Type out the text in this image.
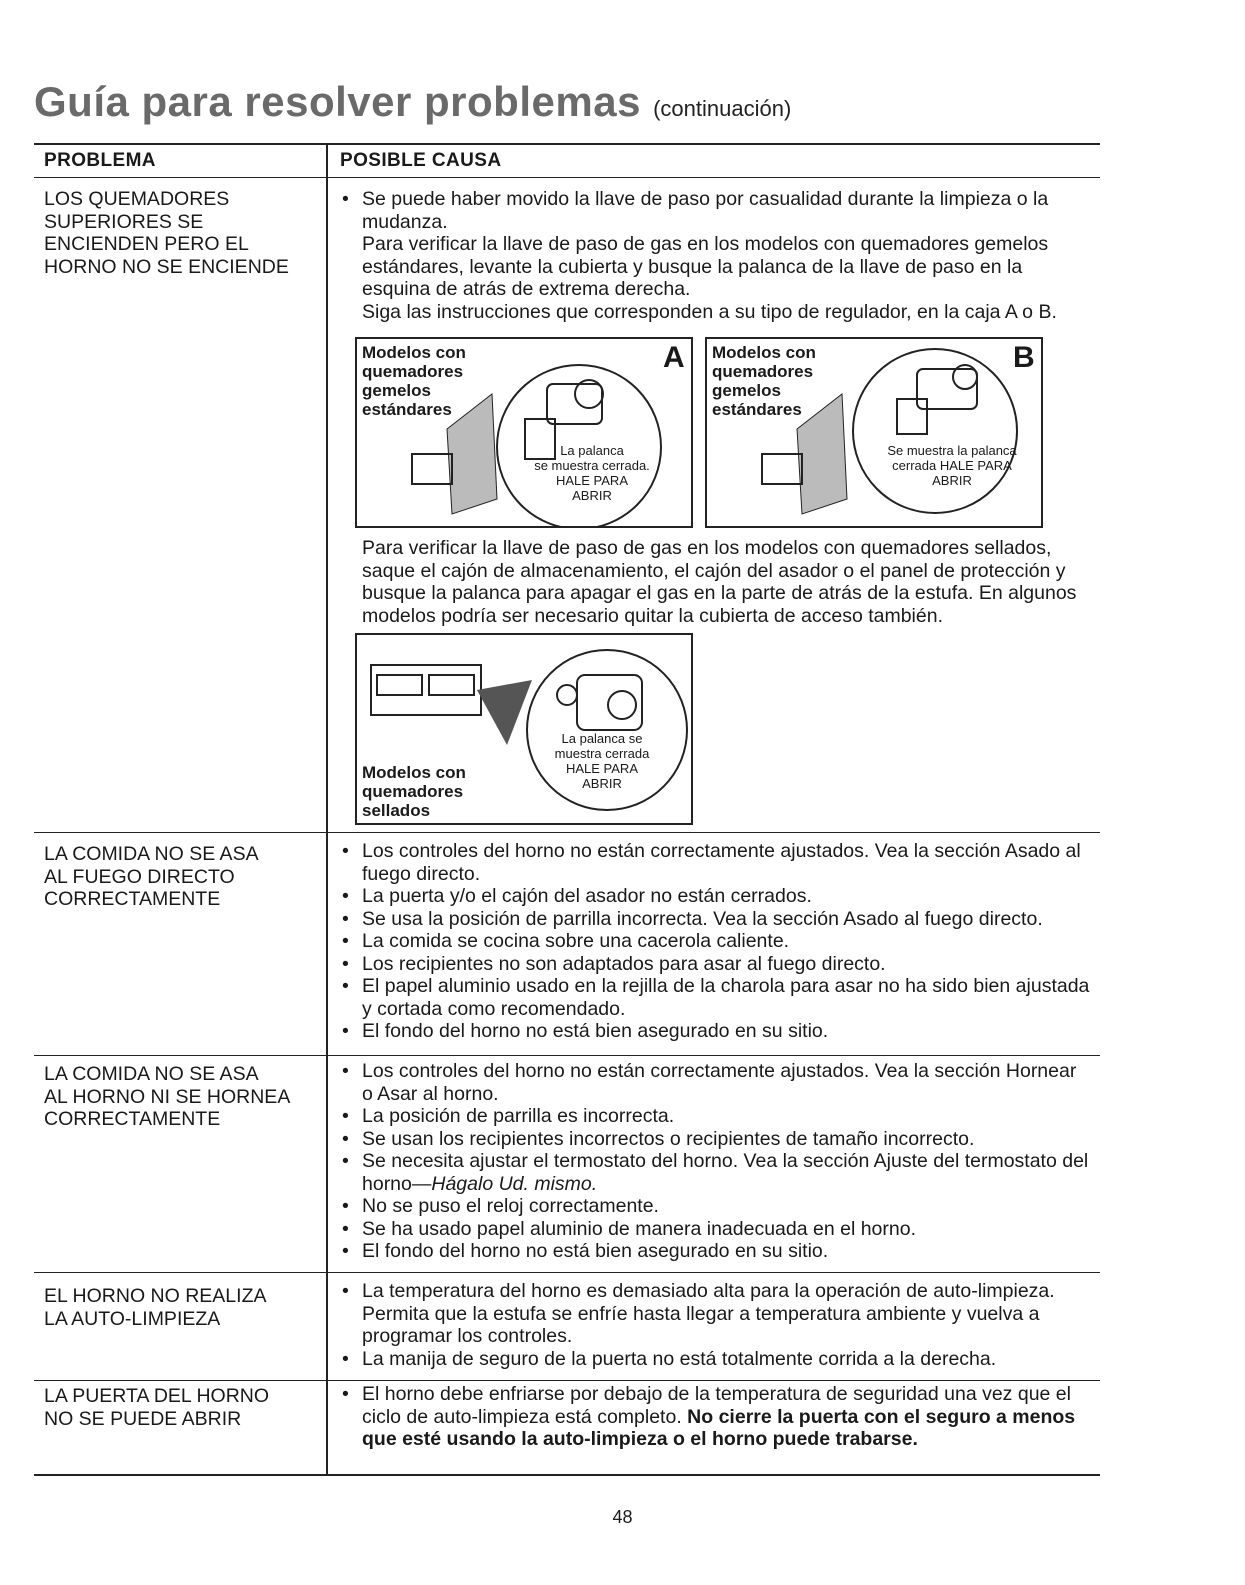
Guía para resolver problemas (continuación)
PROBLEMA	POSIBLE CAUSA
LOS QUEMADORES
SUPERIORES SE
ENCIENDEN PERO EL
HORNO NO SE ENCIENDE

• Se puede haber movido la llave de paso por casualidad durante la limpieza o la mudanza.

Para verificar la llave de paso de gas en los modelos con quemadores gemelos estándares, levante la cubierta y busque la palanca de la llave de paso en la esquina de atrás de extrema derecha.

Siga las instrucciones que corresponden a su tipo de regulador, en la caja A o B.

Modelos con
quemadores
gemelos
estándares
A
La palanca
se muestra cerrada.
HALE PARA
ABRIR
Modelos con
quemadores
gemelos
estándares
B
Se muestra la palanca
cerrada HALE PARA
ABRIR

Para verificar la llave de paso de gas en los modelos con quemadores sellados, saque el cajón de almacenamiento, el cajón del asador o el panel de protección y busque la palanca para apagar el gas en la parte de atrás de la estufa. En algunos modelos podría ser necesario quitar la cubierta de acceso también.

La palanca se
muestra cerrada
HALE PARA
ABRIR
Modelos con
quemadores
sellados
LA COMIDA NO SE ASA
AL FUEGO DIRECTO
CORRECTAMENTE

• Los controles del horno no están correctamente ajustados. Vea la sección Asado al fuego directo.

• La puerta y/o el cajón del asador no están cerrados.

• Se usa la posición de parrilla incorrecta. Vea la sección Asado al fuego directo.

• La comida se cocina sobre una cacerola caliente.

• Los recipientes no son adaptados para asar al fuego directo.

• El papel aluminio usado en la rejilla de la charola para asar no ha sido bien ajustada y cortada como recomendado.

• El fondo del horno no está bien asegurado en su sitio.

LA COMIDA NO SE ASA
AL HORNO NI SE HORNEA
CORRECTAMENTE

• Los controles del horno no están correctamente ajustados. Vea la sección Hornear o Asar al horno.

• La posición de parrilla es incorrecta.

• Se usan los recipientes incorrectos o recipientes de tamaño incorrecto.

• Se necesita ajustar el termostato del horno. Vea la sección Ajuste del termostato del horno—Hágalo Ud. mismo.

• No se puso el reloj correctamente.

• Se ha usado papel aluminio de manera inadecuada en el horno.

• El fondo del horno no está bien asegurado en su sitio.

EL HORNO NO REALIZA
LA AUTO-LIMPIEZA

• La temperatura del horno es demasiado alta para la operación de auto-limpieza. Permita que la estufa se enfríe hasta llegar a temperatura ambiente y vuelva a programar los controles.

• La manija de seguro de la puerta no está totalmente corrida a la derecha.

LA PUERTA DEL HORNO
NO SE PUEDE ABRIR

• El horno debe enfriarse por debajo de la temperatura de seguridad una vez que el ciclo de auto-limpieza está completo. No cierre la puerta con el seguro a menos que esté usando la auto-limpieza o el horno puede trabarse.

48
